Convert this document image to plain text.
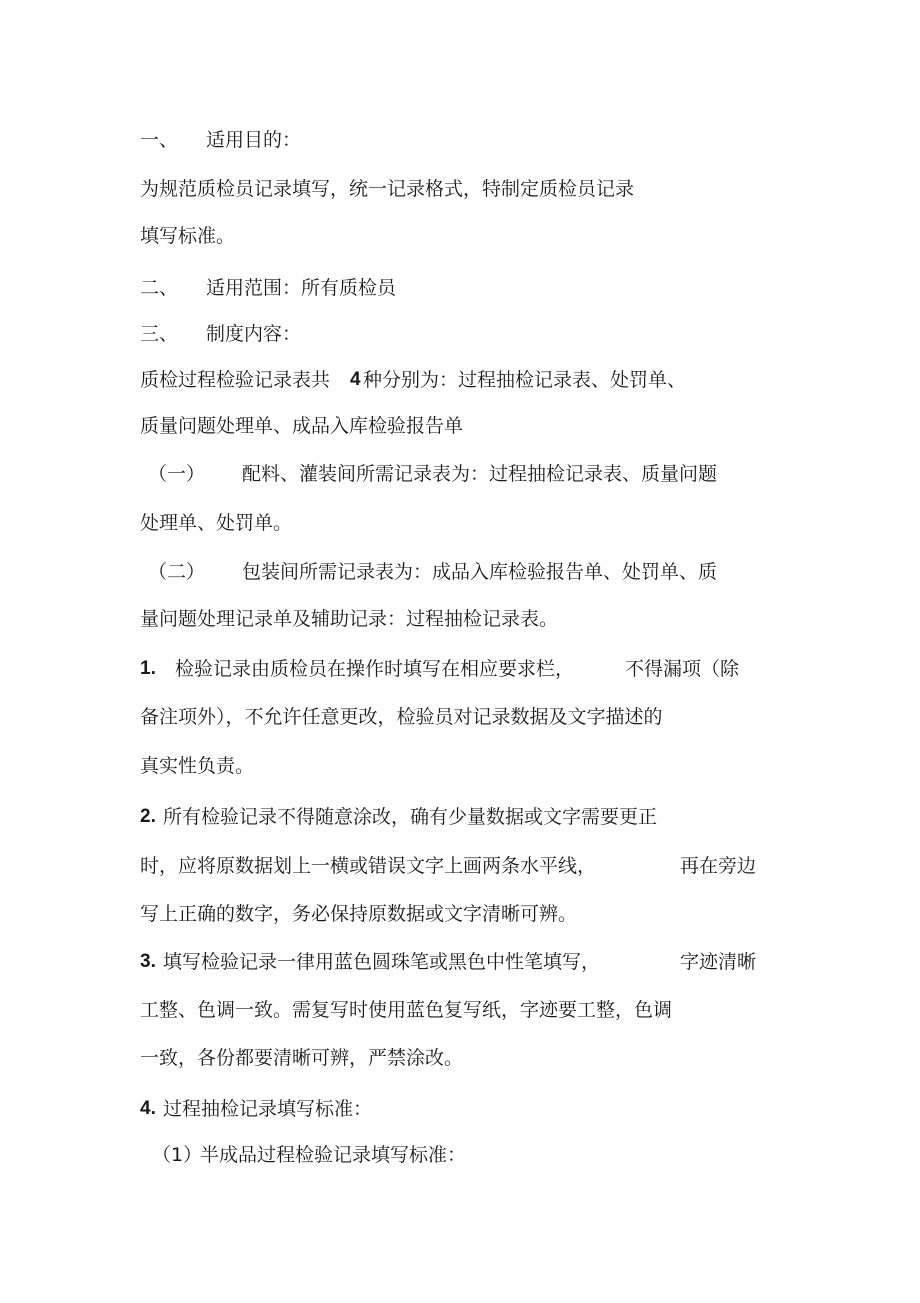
一、 适用目的：
为规范质检员记录填写，统一记录格式，特制定质检员记录
填写标准。
二、 适用范围：所有质检员
三、 制度内容：
质检过程检验记录表共 4 种分别为：过程抽检记录表、处罚单、
质量问题处理单、成品入库检验报告单
（一） 配料、灌装间所需记录表为：过程抽检记录表、质量问题
处理单、处罚单。
（二） 包装间所需记录表为：成品入库检验报告单、处罚单、质
量问题处理记录单及辅助记录：过程抽检记录表。
1. 检验记录由质检员在操作时填写在相应要求栏，	不得漏项（除
备注项外），不允许任意更改，检验员对记录数据及文字描述的
真实性负责。
2. 所有检验记录不得随意涂改，确有少量数据或文字需要更正
时，应将原数据划上一横或错误文字上画两条水平线，	再在旁边
写上正确的数字，务必保持原数据或文字清晰可辨。
3. 填写检验记录一律用蓝色圆珠笔或黑色中性笔填写，	字迹清晰
工整、色调一致。需复写时使用蓝色复写纸，字迹要工整，色调
一致，各份都要清晰可辨，严禁涂改。
4. 过程抽检记录填写标准：
（1）
半成品过程检验记录填写标准：
